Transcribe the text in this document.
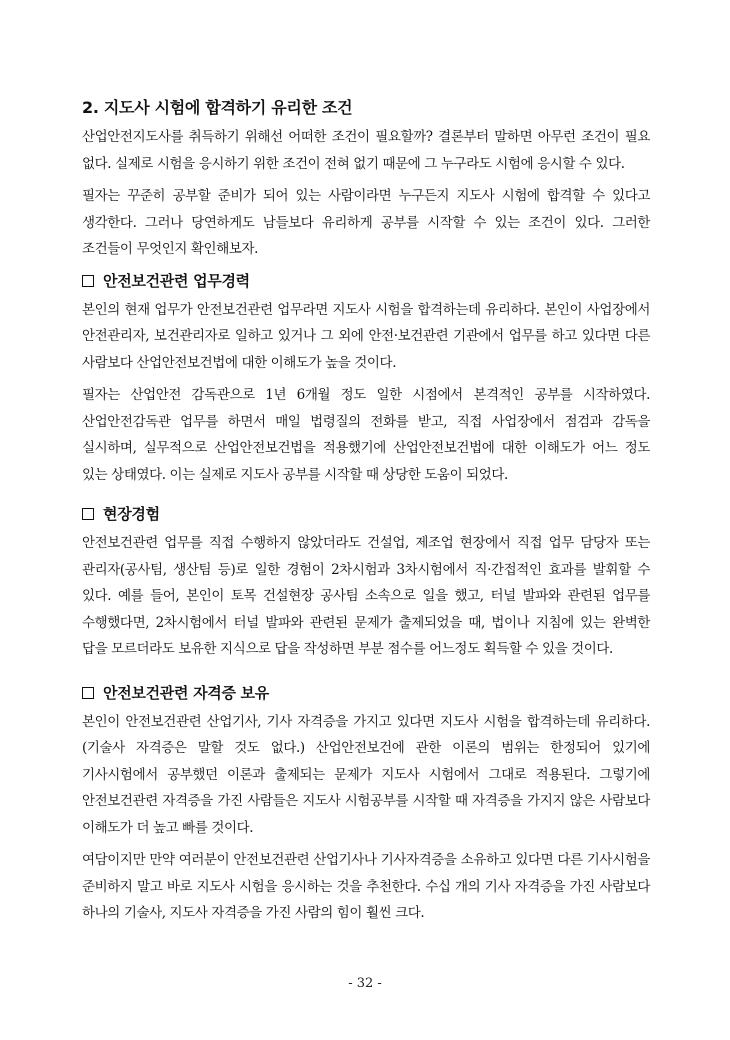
2. 지도사 시험에 합격하기 유리한 조건

산업안전지도사를 취득하기 위해선 어떠한 조건이 필요할까? 결론부터 말하면 아무런 조건이 필요 없다. 실제로 시험을 응시하기 위한 조건이 전혀 없기 때문에 그 누구라도 시험에 응시할 수 있다.

필자는 꾸준히 공부할 준비가 되어 있는 사람이라면 누구든지 지도사 시험에 합격할 수 있다고 생각한다. 그러나 당연하게도 남들보다 유리하게 공부를 시작할 수 있는 조건이 있다. 그러한 조건들이 무엇인지 확인해보자.

안전보건관련 업무경력

본인의 현재 업무가 안전보건관련 업무라면 지도사 시험을 합격하는데 유리하다. 본인이 사업장에서 안전관리자, 보건관리자로 일하고 있거나 그 외에 안전·보건관련 기관에서 업무를 하고 있다면 다른 사람보다 산업안전보건법에 대한 이해도가 높을 것이다.

필자는 산업안전 감독관으로 1년 6개월 정도 일한 시점에서 본격적인 공부를 시작하였다. 산업안전감독관 업무를 하면서 매일 법령질의 전화를 받고, 직접 사업장에서 점검과 감독을 실시하며, 실무적으로 산업안전보건법을 적용했기에 산업안전보건법에 대한 이해도가 어느 정도 있는 상태였다. 이는 실제로 지도사 공부를 시작할 때 상당한 도움이 되었다.

현장경험

안전보건관련 업무를 직접 수행하지 않았더라도 건설업, 제조업 현장에서 직접 업무 담당자 또는 관리자(공사팀, 생산팀 등)로 일한 경험이 2차시험과 3차시험에서 직·간접적인 효과를 발휘할 수 있다. 예를 들어, 본인이 토목 건설현장 공사팀 소속으로 일을 했고, 터널 발파와 관련된 업무를 수행했다면, 2차시험에서 터널 발파와 관련된 문제가 출제되었을 때, 법이나 지침에 있는 완벽한 답을 모르더라도 보유한 지식으로 답을 작성하면 부분 점수를 어느정도 획득할 수 있을 것이다.

안전보건관련 자격증 보유

본인이 안전보건관련 산업기사, 기사 자격증을 가지고 있다면 지도사 시험을 합격하는데 유리하다.(기술사 자격증은 말할 것도 없다.) 산업안전보건에 관한 이론의 범위는 한정되어 있기에 기사시험에서 공부했던 이론과 출제되는 문제가 지도사 시험에서 그대로 적용된다. 그렇기에 안전보건관련 자격증을 가진 사람들은 지도사 시험공부를 시작할 때 자격증을 가지지 않은 사람보다 이해도가 더 높고 빠를 것이다.

여담이지만 만약 여러분이 안전보건관련 산업기사나 기사자격증을 소유하고 있다면 다른 기사시험을 준비하지 말고 바로 지도사 시험을 응시하는 것을 추천한다. 수십 개의 기사 자격증을 가진 사람보다 하나의 기술사, 지도사 자격증을 가진 사람의 힘이 훨씬 크다.

- 32 -
